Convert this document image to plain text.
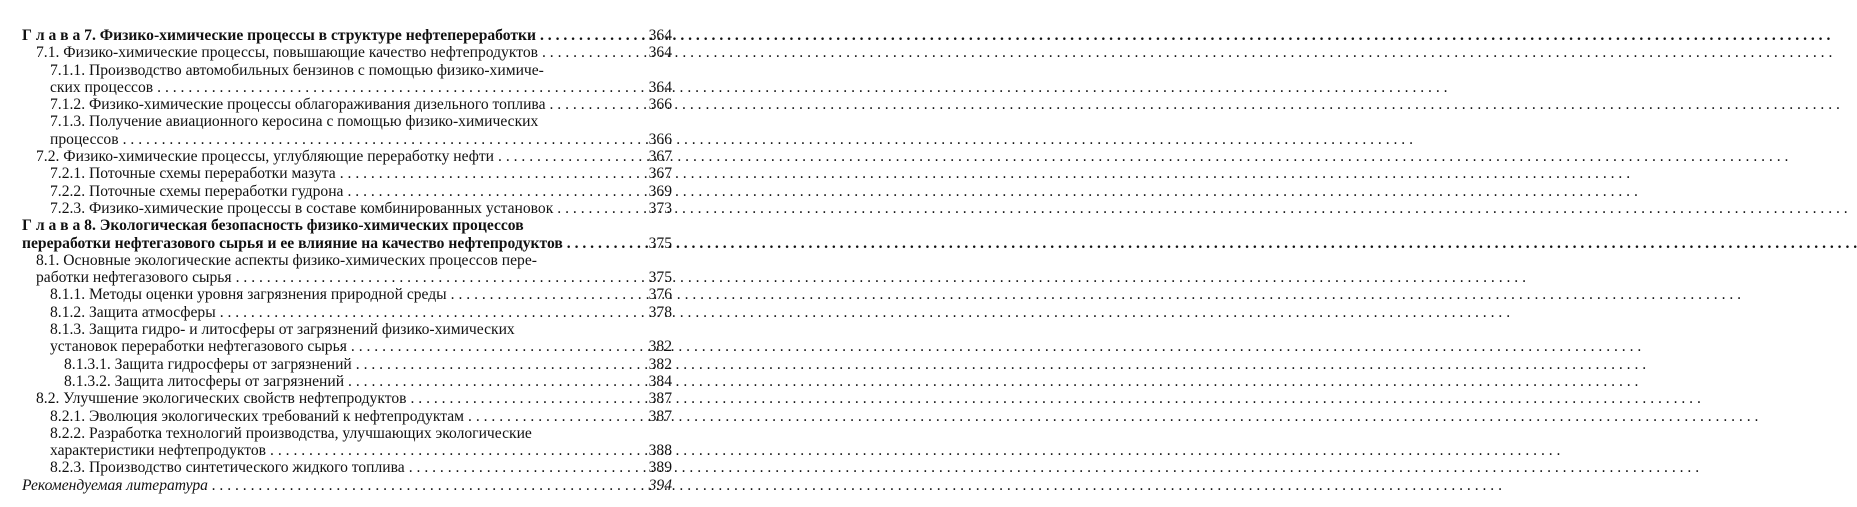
Г л а в а 7. Физико-химические процессы в структуре нефтепереработки . . .	364
7.1. Физико-химические процессы, повышающие качество нефтепродуктов . . .	364
7.1.1. Производство автомобильных бензинов с помощью физико-химиче-
ских процессов . . .	364
7.1.2. Физико-химические процессы облагораживания дизельного топлива . . .	366
7.1.3. Получение авиационного керосина с помощью физико-химических
процессов . . .	366
7.2. Физико-химические процессы, углубляющие переработку нефти . . .	367
7.2.1. Поточные схемы переработки мазута . . .	367
7.2.2. Поточные схемы переработки гудрона . . .	369
7.2.3. Физико-химические процессы в составе комбинированных установок . . .	373
Г л а в а 8. Экологическая безопасность физико-химических процессов
переработки нефтегазового сырья и ее влияние на качество нефтепродуктов . . .	375
8.1. Основные экологические аспекты физико-химических процессов пере-
работки нефтегазового сырья . . .	375
8.1.1. Методы оценки уровня загрязнения природной среды . . .	376
8.1.2. Защита атмосферы . . .	378
8.1.3. Защита гидро- и литосферы от загрязнений физико-химических
установок переработки нефтегазового сырья . . .	382
8.1.3.1. Защита гидросферы от загрязнений . . .	382
8.1.3.2. Защита литосферы от загрязнений . . .	384
8.2. Улучшение экологических свойств нефтепродуктов . . .	387
8.2.1. Эволюция экологических требований к нефтепродуктам . . .	387
8.2.2. Разработка технологий производства, улучшающих экологические
характеристики нефтепродуктов . . .	388
8.2.3. Производство синтетического жидкого топлива . . .	389
Рекомендуемая литература . . .	394
